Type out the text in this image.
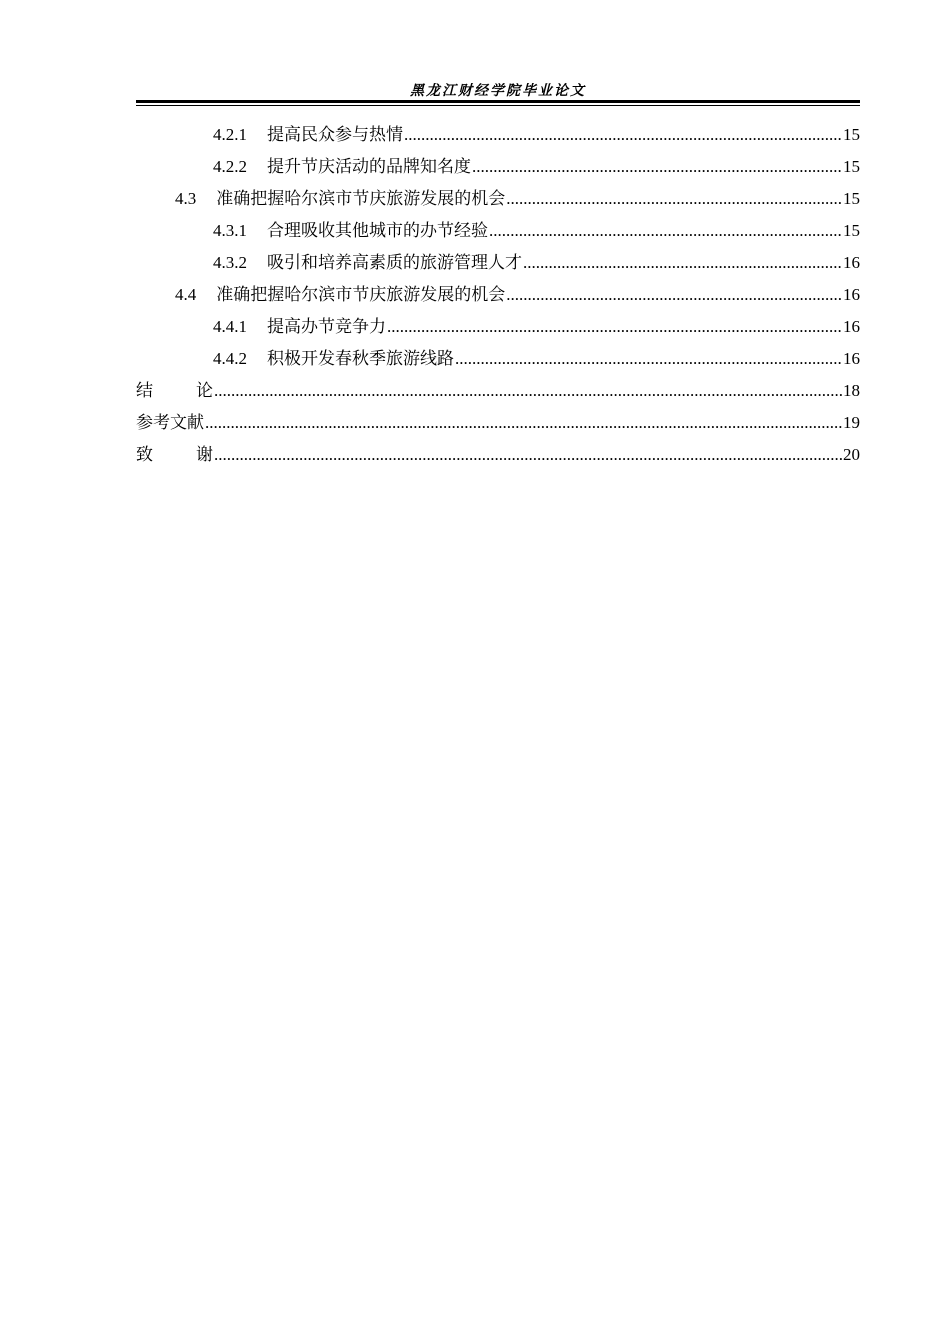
黑龙江财经学院毕业论文
4.2.1 提高民众参与热情 .....	15
4.2.2 提升节庆活动的品牌知名度 .....	15
4.3 准确把握哈尔滨市节庆旅游发展的机会 .....	15
4.3.1 合理吸收其他城市的办节经验 .....	15
4.3.2 吸引和培养高素质的旅游管理人才 .....	16
4.4 准确把握哈尔滨市节庆旅游发展的机会 .....	16
4.4.1 提高办节竞争力 .....	16
4.4.2 积极开发春秋季旅游线路 .....	16
结	论 .....	18
参考文献 .....	19
致	谢 .....	20
